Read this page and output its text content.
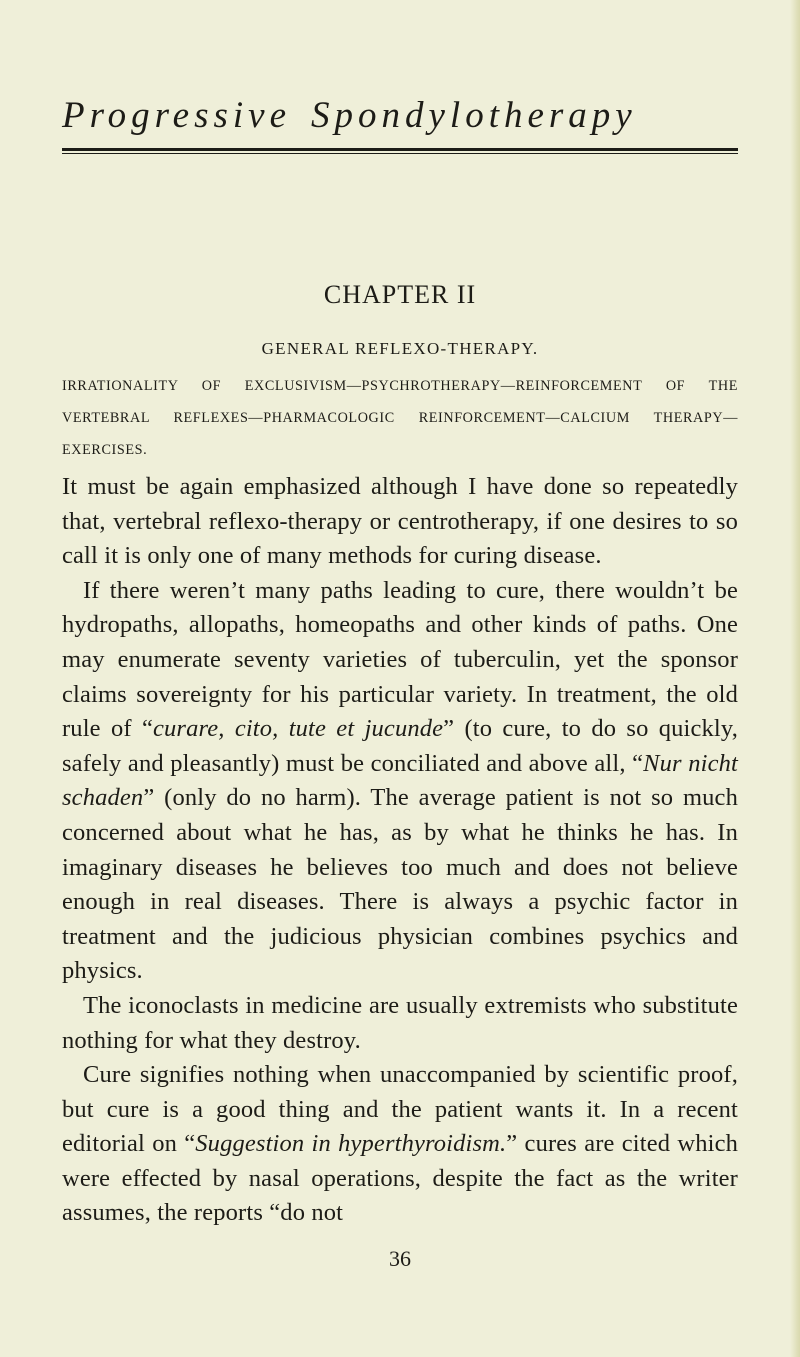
Progressive Spondylotherapy
CHAPTER II
GENERAL REFLEXO-THERAPY.
IRRATIONALITY OF EXCLUSIVISM—PSYCHROTHERAPY—REINFORCEMENT OF THE VERTEBRAL REFLEXES—PHARMACOLOGIC REINFORCEMENT—CALCIUM THERAPY—EXERCISES.

It must be again emphasized although I have done so repeatedly that, vertebral reflexo-therapy or centrotherapy, if one desires to so call it is only one of many methods for curing disease.

If there weren’t many paths leading to cure, there wouldn’t be hydropaths, allopaths, homeopaths and other kinds of paths. One may enumerate seventy varieties of tuberculin, yet the sponsor claims sovereignty for his particular variety. In treatment, the old rule of “curare, cito, tute et jucunde” (to cure, to do so quickly, safely and pleasantly) must be conciliated and above all, “Nur nicht schaden” (only do no harm). The average patient is not so much concerned about what he has, as by what he thinks he has. In imaginary diseases he believes too much and does not believe enough in real diseases. There is always a psychic factor in treatment and the judicious physician combines psychics and physics.

The iconoclasts in medicine are usually extremists who substitute nothing for what they destroy.

Cure signifies nothing when unaccompanied by scientific proof, but cure is a good thing and the patient wants it. In a recent editorial on “Suggestion in hyperthyroidism.” cures are cited which were effected by nasal operations, despite the fact as the writer assumes, the reports “do not

36
